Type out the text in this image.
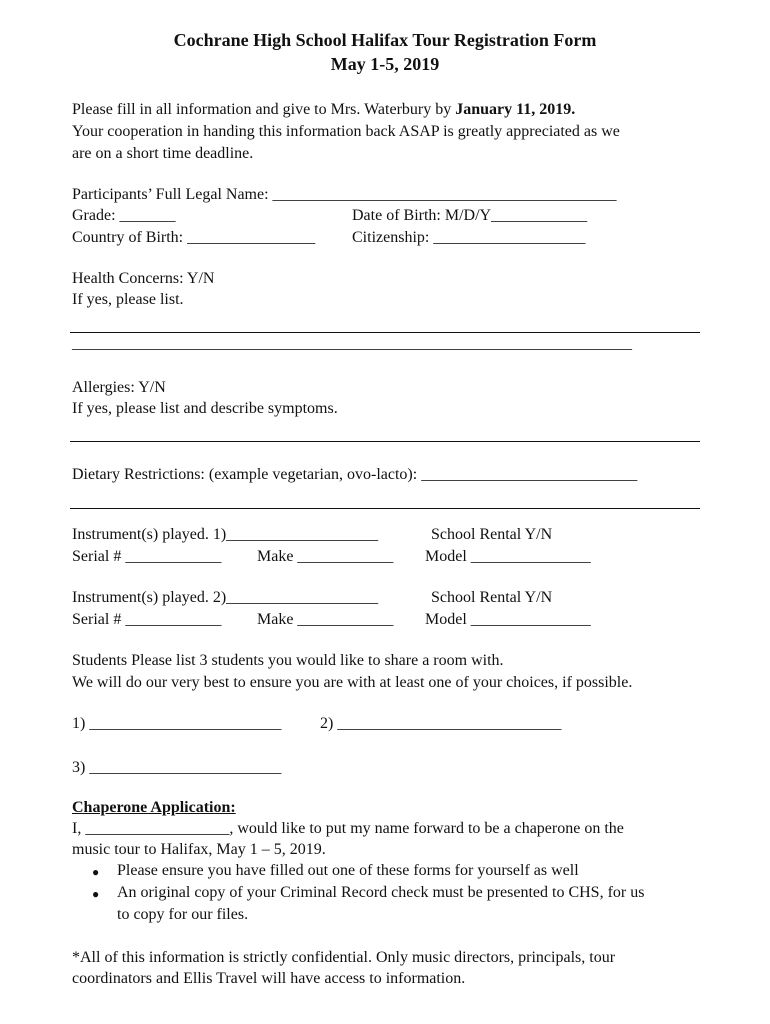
Cochrane High School Halifax Tour Registration Form
May 1-5, 2019
Please fill in all information and give to Mrs. Waterbury by January 11, 2019.
Your cooperation in handing this information back ASAP is greatly appreciated as we
are on a short time deadline.
Participants’ Full Legal Name: ___________________________________________
Grade: _______	Date of Birth: M/D/Y____________
Country of Birth: ________________ Citizenship: ___________________
Health Concerns: Y/N
If yes, please list.
______________________________________________________________________
Allergies: Y/N
If yes, please list and describe symptoms.
Dietary Restrictions: (example vegetarian, ovo-lacto): ___________________________
Instrument(s) played. 1)___________________	School Rental Y/N
Serial # ____________ Make ____________ Model _______________
Instrument(s) played. 2)___________________	School Rental Y/N
Serial # ____________ Make ____________ Model _______________
Students Please list 3 students you would like to share a room with.
We will do our very best to ensure you are with at least one of your choices, if possible.
1) ________________________ 2) ____________________________
3) ________________________
Chaperone Application:
I, __________________, would like to put my name forward to be a chaperone on the
music tour to Halifax, May 1 – 5, 2019.
● Please ensure you have filled out one of these forms for yourself as well
● An original copy of your Criminal Record check must be presented to CHS, for us
to copy for our files.
*All of this information is strictly confidential. Only music directors, principals, tour
coordinators and Ellis Travel will have access to information.
